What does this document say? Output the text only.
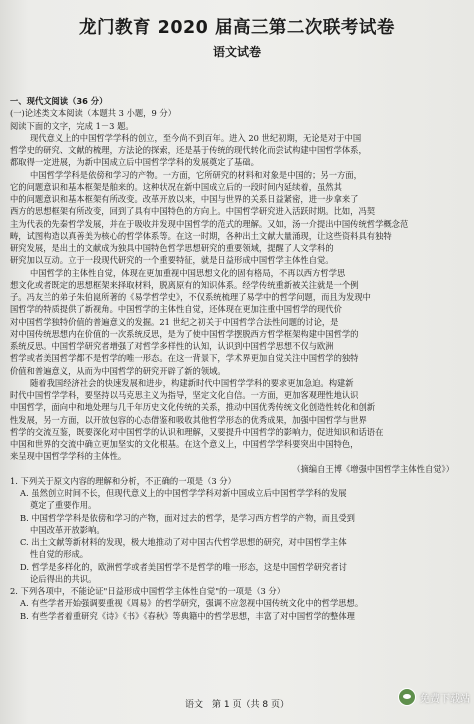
龙门教育 2020 届高三第二次联考试卷
语文试卷
一、现代文阅读（36 分）
(一)论述类文本阅读（本题共 3 小题，9 分）
阅读下面的文字，完成 1－3 题。
现代意义上的中国哲学学科的创立，至今尚不到百年。进入 20 世纪初期，无论是对于中国
哲学史的研究、文献的梳理，方法论的探索，还是基于传统的现代转化而尝试构建中国哲学体系，
都取得一定进展，为新中国成立后中国哲学学科的发展奠定了基础。
中国哲学学科是依傍和学习的产物。一方面，它所研究的材料和对象是中国的；另一方面，
它的问题意识和基本框架是舶来的。这种状况在新中国成立后的一段时间内延续着，虽然其
中的问题意识和基本框架有所改变。改革开放以来，中国与世界的关系日益紧密，进一步拿来了
西方的思想框架有所改变，回到了具有中国特色的方向上。中国哲学研究进入活跃时期。比如，冯契
主为代表的先秦哲学发展，并在于吸收并发现中国哲学的范式的理解。又如，汤一介提出中国传统哲学概念范
畴，试图构造以真善美为核心的哲学体系等。在这一时期，各种出土文献大量涌现，让这些资料具有独特
研究发展，是出土的文献成为独具中国特色哲学思想研究的重要领域，提醒了人文学科的
研究加以互动。立于一段现代研究的一个重要特征，就是日益形成中国哲学主体性自觉。
中国哲学的主体性自觉，体现在更加重视中国思想文化的固有格局，不再以西方哲学思
想文化或者既定的思想框架来择取材料，脱离原有的知识体系。经学传统重新被关注就是一个例
子。冯友兰的弟子朱伯崑所著的《易学哲学史》，不仅系统梳理了易学中的哲学问题，而且为发现中
国哲学的特质提供了新视角。中国哲学的主体性自觉，还体现在更加注重中国哲学的现代价
对中国哲学独特价值的普遍意义的发掘。21 世纪之初关于中国哲学合法性问题的讨论，是
对中国传统思想内在价值的一次系统反思，是为了使中国哲学摆脱西方哲学框架构建中国哲学的
系统反思。中国哲学研究者增强了对哲学多样性的认知，认识到中国哲学思想不仅与欧洲
哲学或者美国哲学都不是哲学的唯一形态。在这一背景下，学术界更加自觉关注中国哲学的独特
价值和普遍意义，从而为中国哲学的研究开辟了新的领域。
随着我国经济社会的快速发展和进步，构建新时代中国哲学学科的要求更加急迫。构建新
时代中国哲学学科，要坚持以马克思主义为指导，坚定文化自信。一方面，更加客观理性地认识
中国哲学，面向中和地处理与几千年历史文化传统的关系，推动中国优秀传统文化创造性转化和创新
性发展，另一方面，以开放包容的心态借鉴和吸收其他哲学形态的优秀成果，加强中国哲学与世界
哲学的交流互鉴，既要深化对中国哲学的认识和理解，又要提升中国哲学的影响力，促进知识和话语在
中国和世界的交流中确立更加坚实的文化根基。在这个意义上，中国哲学学科要突出中国特色，
来呈现中国哲学学科的主体性。
（摘编自王博《增强中国哲学主体性自觉》）
1. 下列关于原文内容的理解和分析，不正确的一项是（3 分）
A. 虽然创立时间不长，但现代意义上的中国哲学学科对新中国成立后中国哲学学科的发展
奠定了重要作用。
B. 中国哲学学科是依傍和学习的产物，面对过去的哲学，是学习西方哲学的产物，而且受到
中国改革开放影响。
C. 出土文献等新材料的发现，极大地推动了对中国古代哲学思想的研究，对中国哲学主体
性自觉的形成。
D. 哲学是多样化的，欧洲哲学或者美国哲学不是哲学的唯一形态，这是中国哲学研究者讨
论后得出的共识。
2. 下列各项中，不能论证"日益形成中国哲学主体性自觉"的一项是（3 分）
A. 有些学者开始强调要重视《周易》的哲学研究，强调不应忽视中国传统文化中的哲学思想。
B. 有些学者着重研究《诗》《书》《春秋》等典籍中的哲学思想，丰富了对中国哲学的整体理
语文　第 1 页（共 8 页）
免费下载站
